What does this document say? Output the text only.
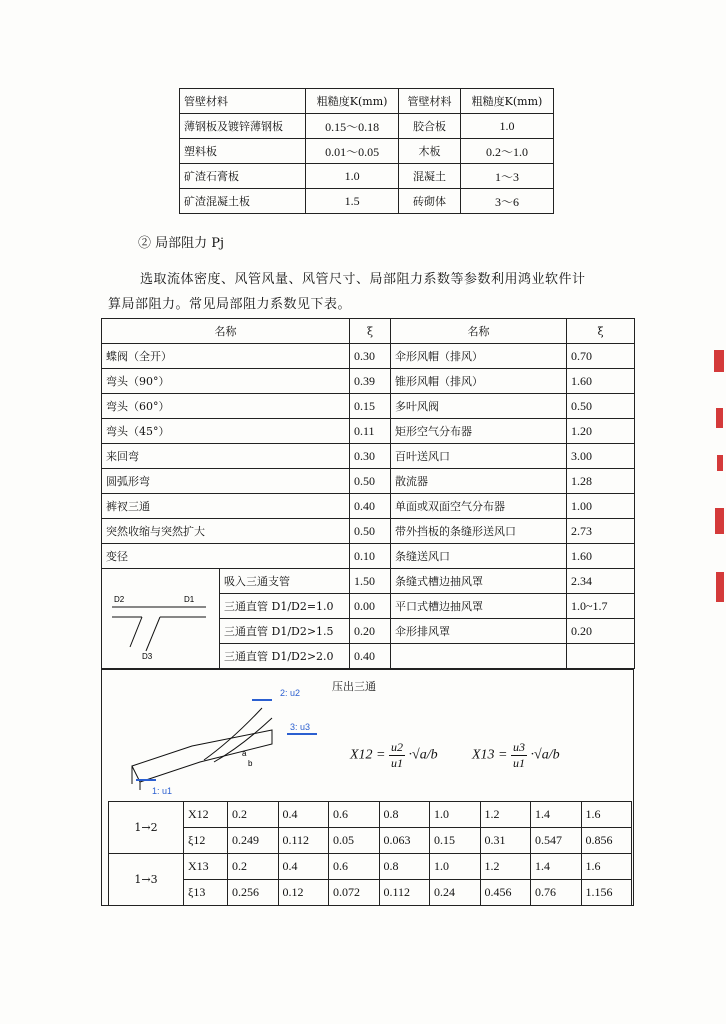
管壁材料	粗糙度K(mm)	管壁材料	粗糙度K(mm)
薄钢板及镀锌薄钢板	0.15～0.18	胶合板	1.0
塑料板	0.01～0.05	木板	0.2～1.0
矿渣石膏板	1.0	混凝土	1～3
矿渣混凝土板	1.5	砖砌体	3～6
② 局部阻力 Pj
选取流体密度、风管风量、风管尺寸、局部阻力系数等参数利用鸿业软件计
算局部阻力。常见局部阻力系数见下表。
名称		ξ	名称	ξ
蝶阀（全开）		0.30	伞形风帽（排风）	0.70
弯头（90°）		0.39	锥形风帽（排风）	1.60
弯头（60°）		0.15	多叶风阀	0.50
弯头（45°）		0.11	矩形空气分布器	1.20
来回弯		0.30	百叶送风口	3.00
圆弧形弯		0.50	散流器	1.28
裤衩三通		0.40	单面或双面空气分布器	1.00
突然收缩与突然扩大		0.50	带外挡板的条缝形送风口	2.73
变径		0.10	条缝送风口	1.60

D2 D1
D3	吸入三通支管	1.50	条缝式槽边抽风罩	2.34
	三通直管 D1/D2=1.0	0.00	平口式槽边抽风罩	1.0~1.7
	三通直管 D1/D2>1.5	0.20	伞形排风罩	0.20
	三通直管 D1/D2>2.0	0.40		
压出三通
1: u1
2: u2
3: u3
a
b
$X12 = \frac{u2}{u1} \cdot√a/b$ $X13 = \frac{u3}{u1} \cdot√a/b$
1→2	X12	0.2	0.4	0.6	0.8	1.0	1.2	1.4	1.6
	ξ12	0.249	0.112	0.05	0.063	0.15	0.31	0.547	0.856
1→3	X13	0.2	0.4	0.6	0.8	1.0	1.2	1.4	1.6
	ξ13	0.256	0.12	0.072	0.112	0.24	0.456	0.76	1.156
